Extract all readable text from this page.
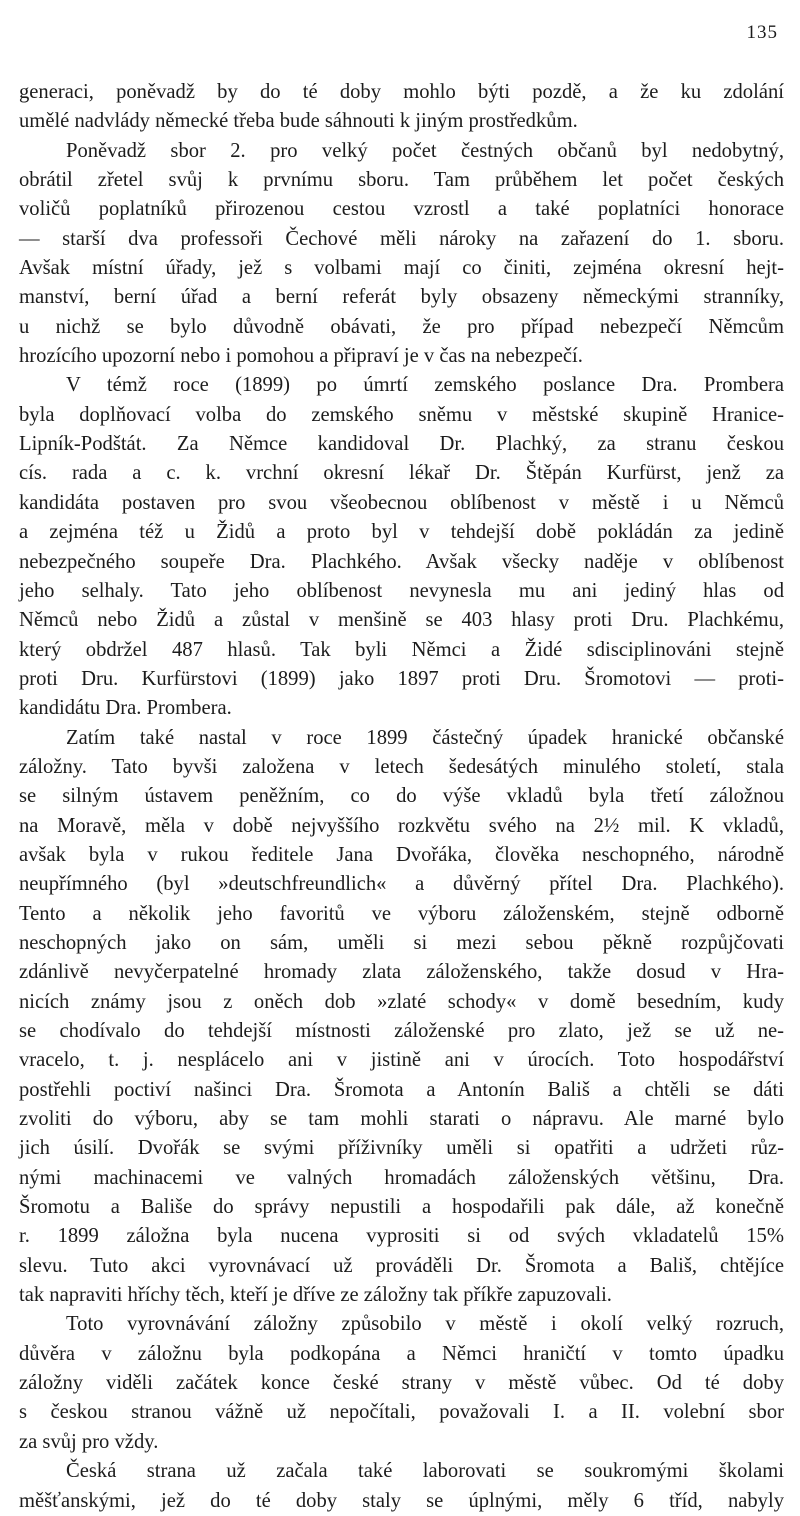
135
generaci, poněvadž by do té doby mohlo býti pozdě, a že ku zdolání
umělé nadvlády německé třeba bude sáhnouti k jiným prostředkům.
Poněvadž sbor 2. pro velký počet čestných občanů byl nedobytný,
obrátil zřetel svůj k prvnímu sboru. Tam průběhem let počet českých
voličů poplatníků přirozenou cestou vzrostl a také poplatníci honorace
— starší dva professoři Čechové měli nároky na zařazení do 1. sboru.
Avšak místní úřady, jež s volbami mají co činiti, zejména okresní hejt-
manství, berní úřad a berní referát byly obsazeny německými stranníky,
u nichž se bylo důvodně obávati, že pro případ nebezpečí Němcům
hrozícího upozorní nebo i pomohou a připraví je v čas na nebezpečí.
V témž roce (1899) po úmrtí zemského poslance Dra. Prombera
byla doplňovací volba do zemského sněmu v městské skupině Hranice-
Lipník-Podštát. Za Němce kandidoval Dr. Plachký, za stranu českou
cís. rada a c. k. vrchní okresní lékař Dr. Štěpán Kurfürst, jenž za
kandidáta postaven pro svou všeobecnou oblíbenost v městě i u Němců
a zejména též u Židů a proto byl v tehdejší době pokládán za jedině
nebezpečného soupeře Dra. Plachkého. Avšak všecky naděje v oblíbenost
jeho selhaly. Tato jeho oblíbenost nevynesla mu ani jediný hlas od
Němců nebo Židů a zůstal v menšině se 403 hlasy proti Dru. Plachkému,
který obdržel 487 hlasů. Tak byli Němci a Židé sdisciplinováni stejně
proti Dru. Kurfürstovi (1899) jako 1897 proti Dru. Šromotovi — proti-
kandidátu Dra. Prombera.
Zatím také nastal v roce 1899 částečný úpadek hranické občanské
záložny. Tato byvši založena v letech šedesátých minulého století, stala
se silným ústavem peněžním, co do výše vkladů byla třetí záložnou
na Moravě, měla v době nejvyššího rozkvětu svého na 2½ mil. K vkladů,
avšak byla v rukou ředitele Jana Dvořáka, člověka neschopného, národně
neupřímného (byl »deutschfreundlich« a důvěrný přítel Dra. Plachkého).
Tento a několik jeho favoritů ve výboru záloženském, stejně odborně
neschopných jako on sám, uměli si mezi sebou pěkně rozpůjčovati
zdánlivě nevyčerpatelné hromady zlata záloženského, takže dosud v Hra-
nicích známy jsou z oněch dob »zlaté schody« v domě besedním, kudy
se chodívalo do tehdejší místnosti záloženské pro zlato, jež se už ne-
vracelo, t. j. nesplácelo ani v jistině ani v úrocích. Toto hospodářství
postřehli poctiví našinci Dra. Šromota a Antonín Bališ a chtěli se dáti
zvoliti do výboru, aby se tam mohli starati o nápravu. Ale marné bylo
jich úsilí. Dvořák se svými příživníky uměli si opatřiti a udržeti růz-
nými machinacemi ve valných hromadách záloženských většinu, Dra.
Šromotu a Bališe do správy nepustili a hospodařili pak dále, až konečně
r. 1899 záložna byla nucena vyprositi si od svých vkladatelů 15%
slevu. Tuto akci vyrovnávací už prováděli Dr. Šromota a Bališ, chtějíce
tak napraviti hříchy těch, kteří je dříve ze záložny tak příkře zapuzovali.
Toto vyrovnávání záložny způsobilo v městě i okolí velký rozruch,
důvěra v záložnu byla podkopána a Němci hraničtí v tomto úpadku
záložny viděli začátek konce české strany v městě vůbec. Od té doby
s českou stranou vážně už nepočítali, považovali I. a II. volební sbor
za svůj pro vždy.
Česká strana už začala také laborovati se soukromými školami
měšťanskými, jež do té doby staly se úplnými, měly 6 tříd, nabyly
